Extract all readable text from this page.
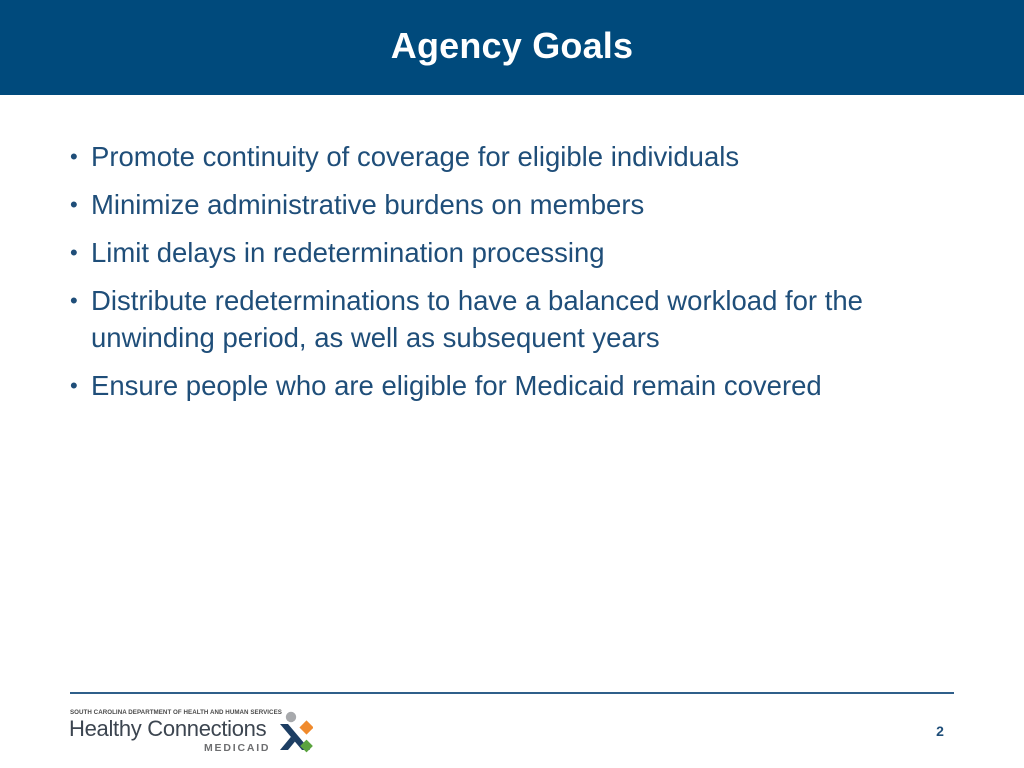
Agency Goals
• Promote continuity of coverage for eligible individuals
• Minimize administrative burdens on members
• Limit delays in redetermination processing
• Distribute redeterminations to have a balanced workload for the  unwinding period, as well as subsequent years
• Ensure people who are eligible for Medicaid remain covered
SOUTH CAROLINA DEPARTMENT OF HEALTH AND HUMAN SERVICES
Healthy Connections
MEDICAID
2
